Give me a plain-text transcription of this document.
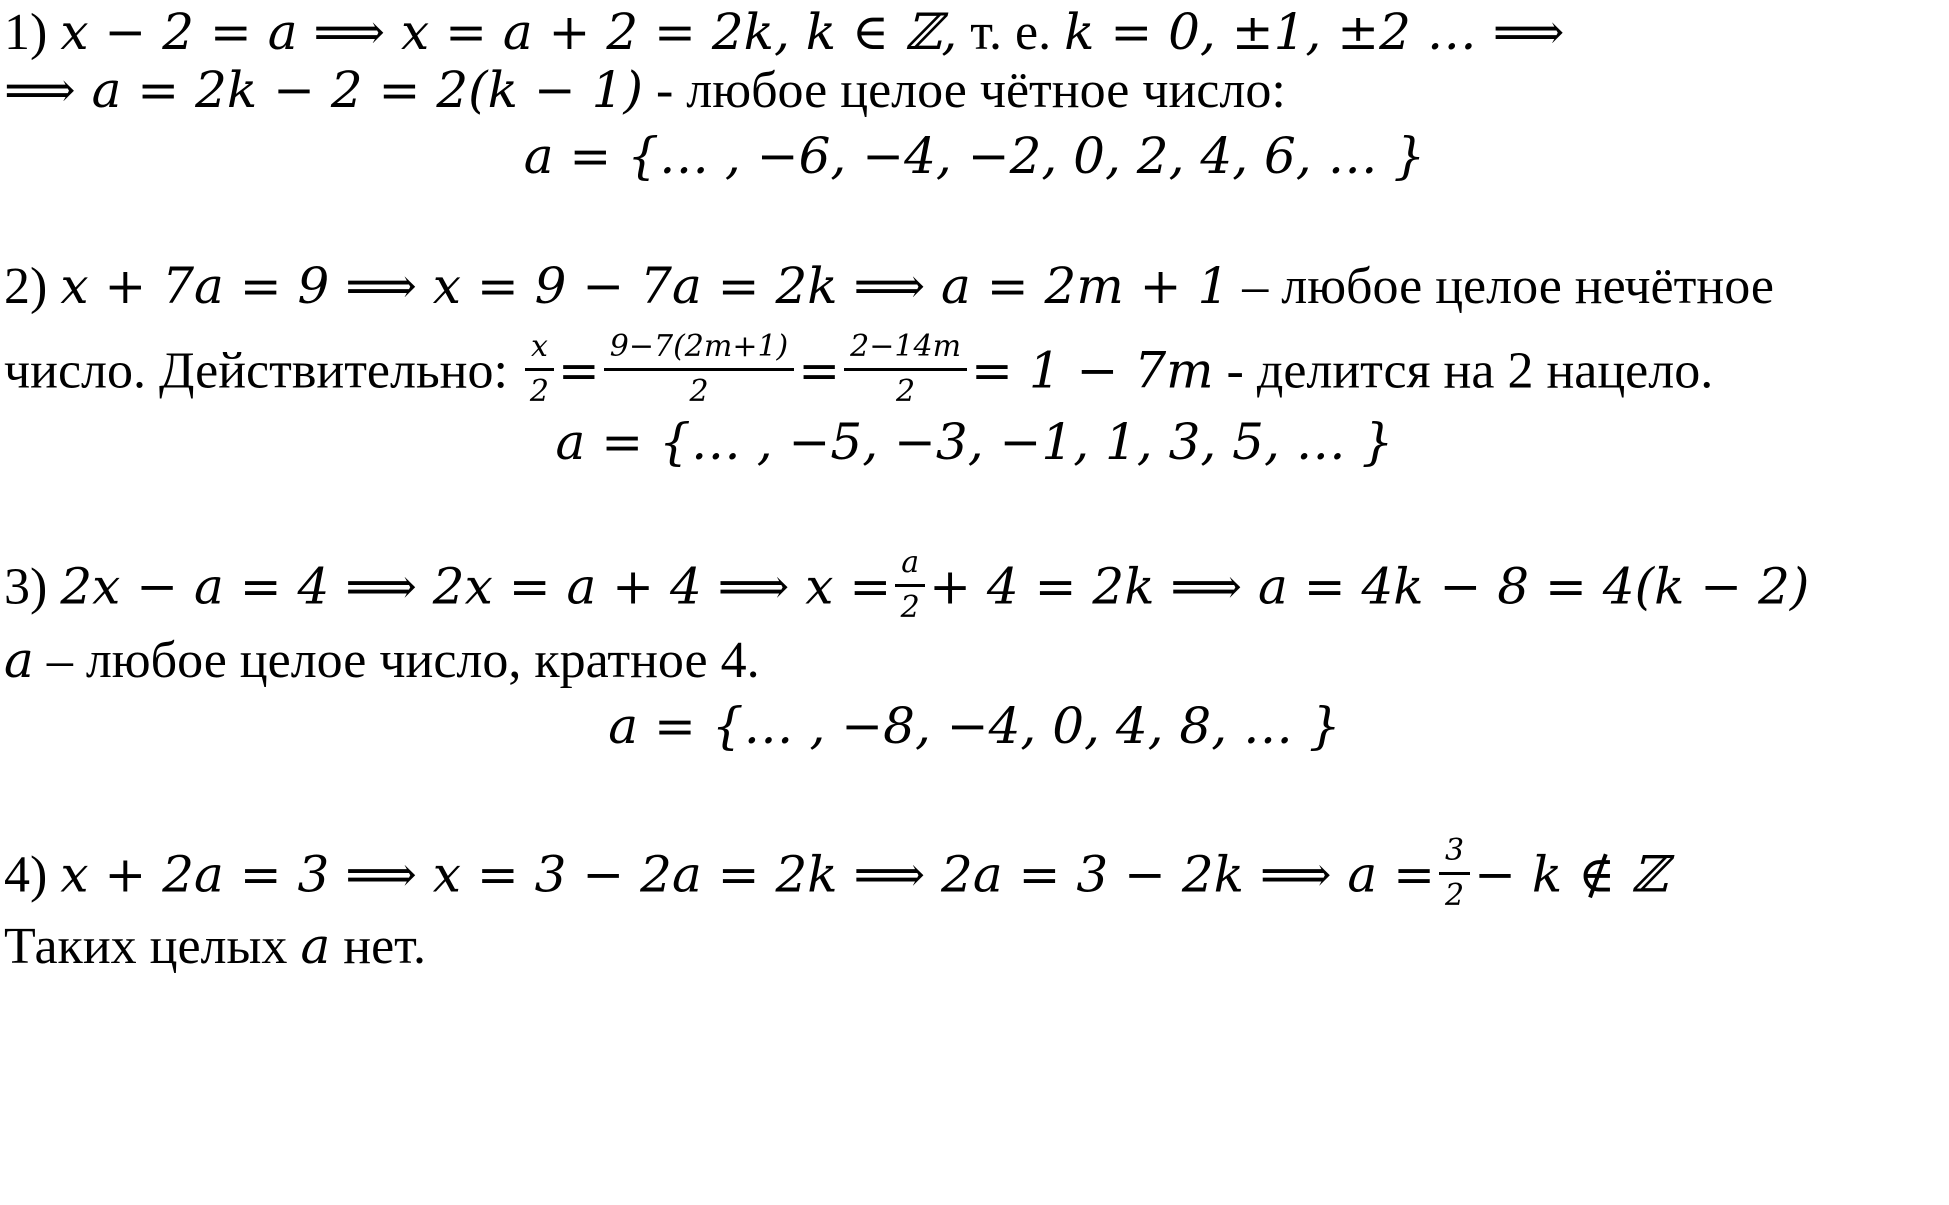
1) x − 2 = a ⟹ x = a + 2 = 2k, k ∈ ℤ, т. е. k = 0, ±1, ±2 … ⟹
⟹ a = 2k − 2 = 2(k − 1) - любое целое чётное число:
a = {… , −6, −4, −2, 0, 2, 4, 6, … }
2) x + 7a = 9 ⟹ x = 9 − 7a = 2k ⟹ a = 2m + 1 – любое целое нечётное
число. Действительно: $\frac{x}{2} = \frac{9-7(2m+1)}{2} = \frac{2-14m}{2} = 1 - 7m$ - делится на 2 нацело.
a = {… , −5, −3, −1, 1, 3, 5, … }
3) 2x − a = 4 ⟹ 2x = a + 4 ⟹ $x = \frac{a}{2} + 4 = 2k$ ⟹ a = 4k − 8 = 4(k − 2)
a – любое целое число, кратное 4.
a = {… , −8, −4, 0, 4, 8, … }
4) x + 2a = 3 ⟹ x = 3 − 2a = 2k ⟹ 2a = 3 − 2k ⟹ $a = \frac{3}{2} - k$ ∉ ℤ
Таких целых a нет.
